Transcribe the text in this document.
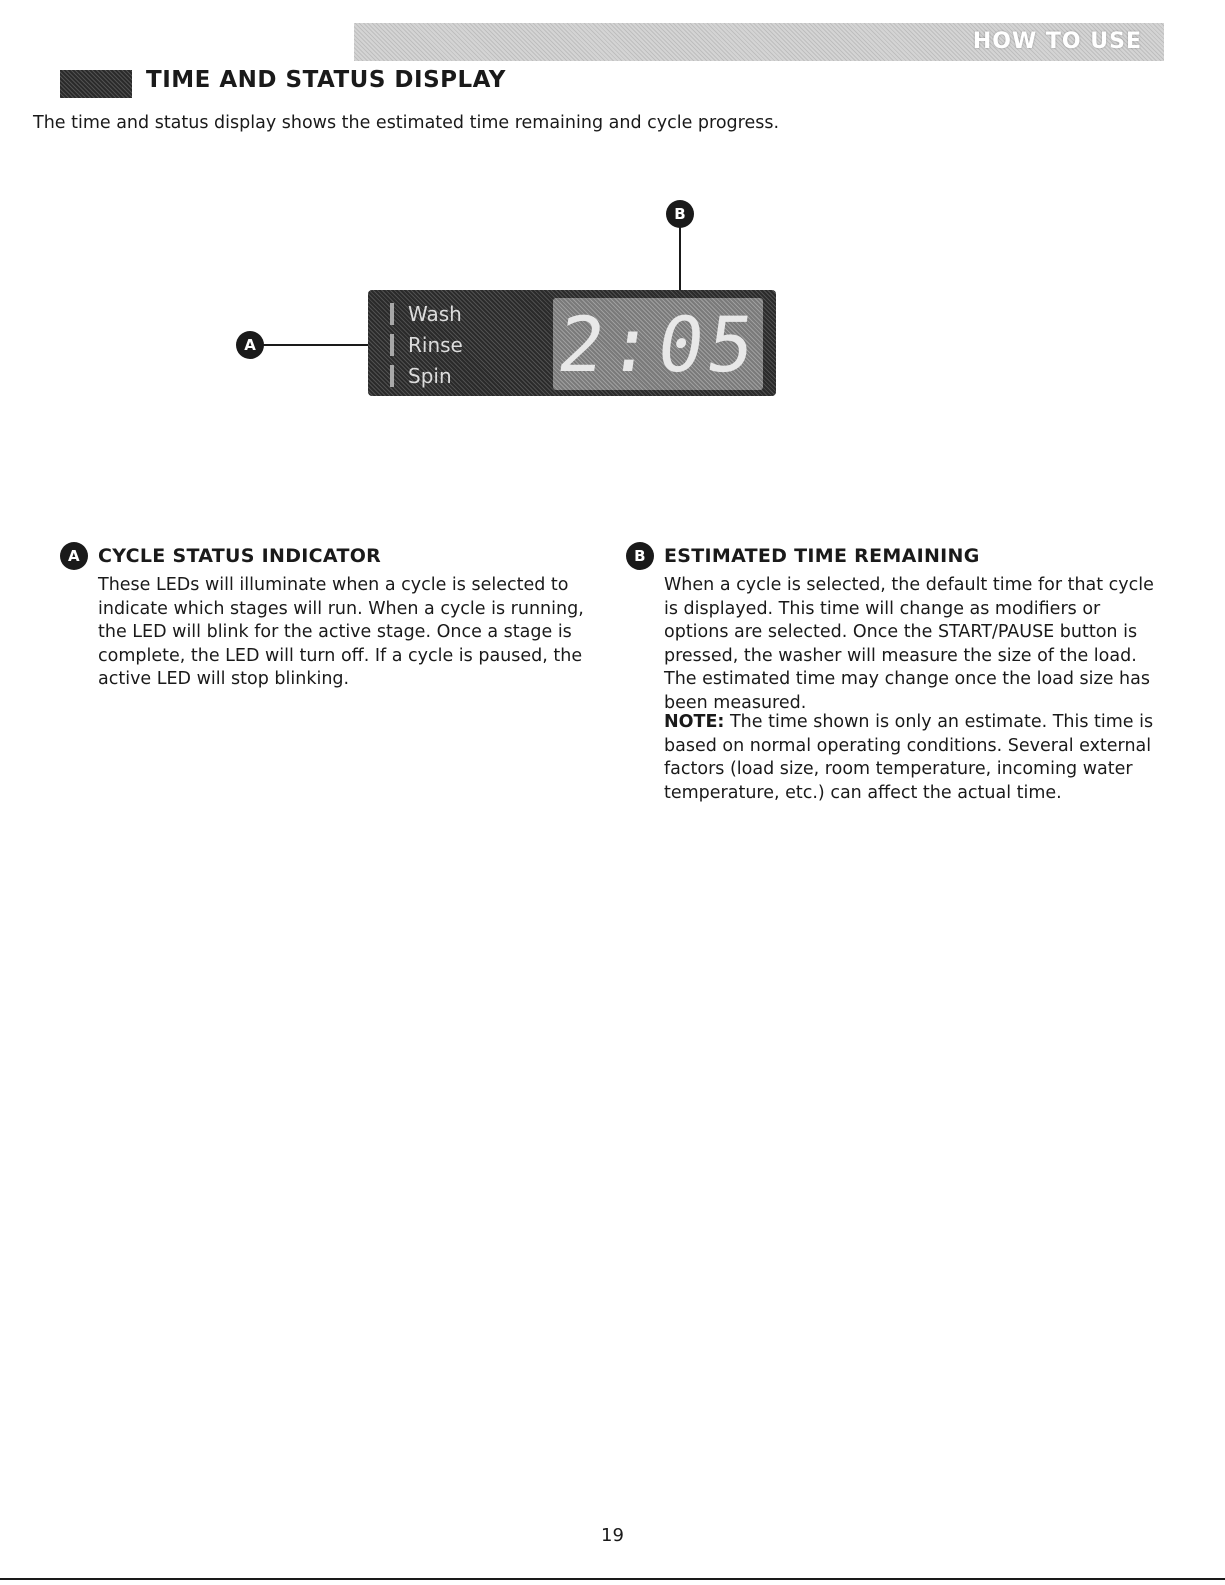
HOW TO USE
TIME AND STATUS DISPLAY

The time and status display shows the estimated time remaining and cycle progress.

A
B
Wash
Rinse
Spin 2:05
A CYCLE STATUS INDICATOR

These LEDs will illuminate when a cycle is selected to indicate which stages will run. When a cycle is running, the LED will blink for the active stage. Once a stage is complete, the LED will turn off. If a cycle is paused, the active LED will stop blinking.

B ESTIMATED TIME REMAINING

When a cycle is selected, the default time for that cycle is displayed. This time will change as modifiers or options are selected. Once the START/PAUSE button is pressed, the washer will measure the size of the load. The estimated time may change once the load size has been measured.

NOTE: The time shown is only an estimate. This time is based on normal operating conditions. Several external factors (load size, room temperature, incoming water temperature, etc.) can affect the actual time.

19
